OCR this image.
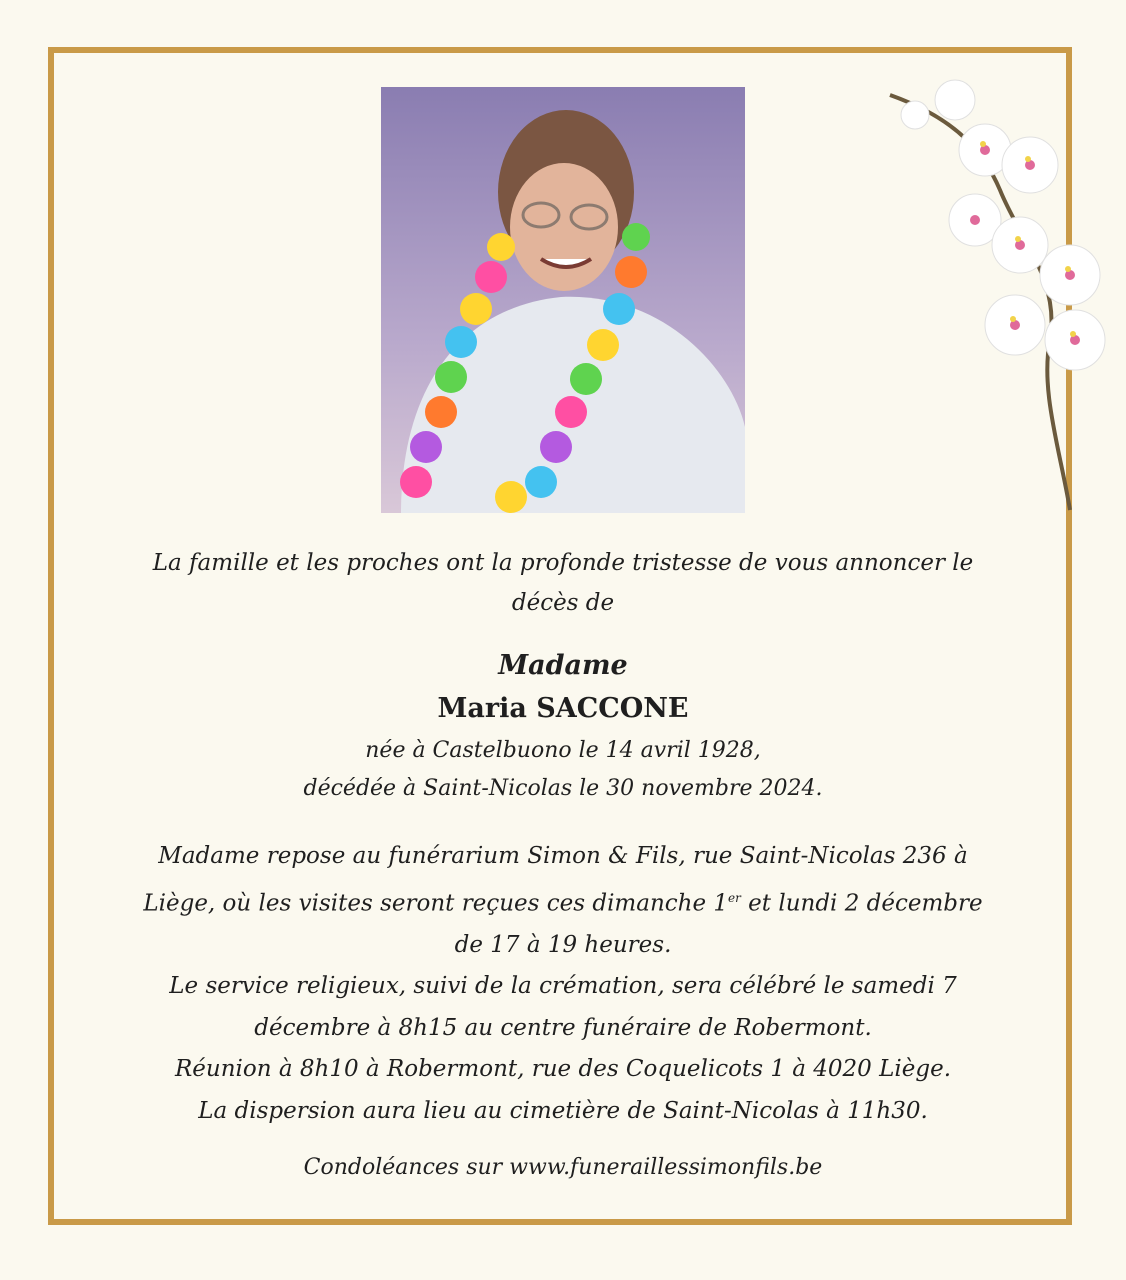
La famille et les proches ont la profonde tristesse de vous annoncer le
décès de
Madame
Maria SACCONE
née à Castelbuono le 14 avril 1928,
décédée à Saint-Nicolas le 30 novembre 2024.

Madame repose au funérarium Simon & Fils, rue Saint-Nicolas 236 à

Liège, où les visites seront reçues ces dimanche 1er et lundi 2 décembre

de 17 à 19 heures.

Le service religieux, suivi de la crémation, sera célébré le samedi 7

décembre à 8h15 au centre funéraire de Robermont.

Réunion à 8h10 à Robermont, rue des Coquelicots 1 à 4020 Liège.

La dispersion aura lieu au cimetière de Saint-Nicolas à 11h30.

Condoléances sur www.funeraillessimonfils.be
